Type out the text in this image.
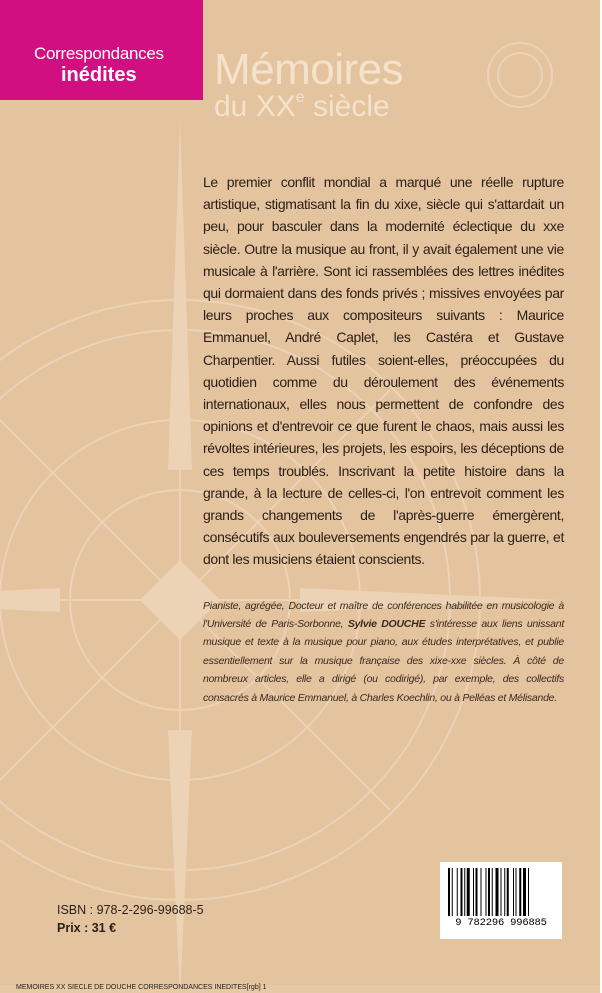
Correspondances
inédites Mémoires
du XXe siècle

Le premier conflit mondial a marqué une réelle rupture artistique, stigmatisant la fin du xixe, siècle qui s'attardait un peu, pour basculer dans la modernité éclectique du xxe siècle. Outre la musique au front, il y avait également une vie musicale à l'arrière. Sont ici rassemblées des lettres inédites qui dormaient dans des fonds privés ; missives envoyées par leurs proches aux compositeurs suivants : Maurice Emmanuel, André Caplet, les Castéra et Gustave Charpentier. Aussi futiles soient-elles, préoccupées du quotidien comme du déroulement des événements internationaux, elles nous permettent de confondre des opinions et d'entrevoir ce que furent le chaos, mais aussi les révoltes intérieures, les projets, les espoirs, les déceptions de ces temps troublés. Inscrivant la petite histoire dans la grande, à la lecture de celles-ci, l'on entrevoit comment les grands changements de l'après-guerre émergèrent, consécutifs aux bouleversements engendrés par la guerre, et dont les musiciens étaient conscients.

Pianiste, agrégée, Docteur et maître de conférences habilitée en musicologie à l'Université de Paris-Sorbonne, Sylvie DOUCHE s'intéresse aux liens unissant musique et texte à la musique pour piano, aux études interprétatives, et publie essentiellement sur la musique française des xixe-xxe siècles. À côté de nombreux articles, elle a dirigé (ou codirigé), par exemple, des collectifs consacrés à Maurice Emmanuel, à Charles Koechlin, ou à Pelléas et Mélisande.

ISBN : 978-2-296-99688-5
Prix : 31 €	9 782296 996885
MEMOIRES XX SIECLE DE DOUCHE CORRESPONDANCES INEDITES[rgb] 1
